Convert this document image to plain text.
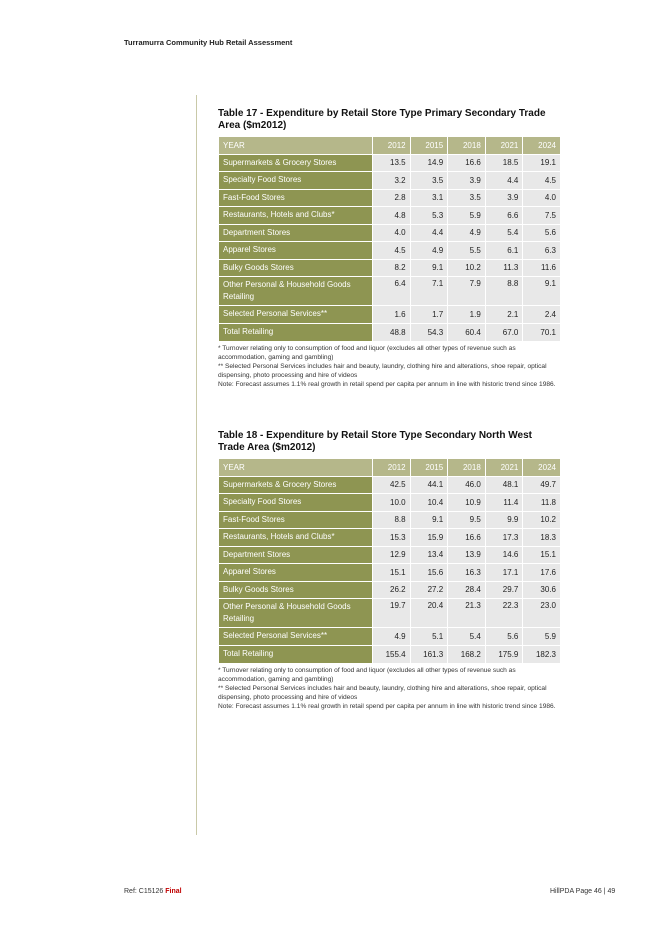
Turramurra Community Hub Retail Assessment
Table 17 - Expenditure by Retail Store Type Primary Secondary Trade Area ($m2012)
YEAR	2012	2015	2018	2021	2024
Supermarkets & Grocery Stores	13.5	14.9	16.6	18.5	19.1
Specialty Food Stores	3.2	3.5	3.9	4.4	4.5
Fast-Food Stores	2.8	3.1	3.5	3.9	4.0
Restaurants, Hotels and Clubs*	4.8	5.3	5.9	6.6	7.5
Department Stores	4.0	4.4	4.9	5.4	5.6
Apparel Stores	4.5	4.9	5.5	6.1	6.3
Bulky Goods Stores	8.2	9.1	10.2	11.3	11.6
Other Personal & Household Goods Retailing	6.4	7.1	7.9	8.8	9.1
Selected Personal Services**	1.6	1.7	1.9	2.1	2.4
Total Retailing	48.8	54.3	60.4	67.0	70.1
* Turnover relating only to consumption of food and liquor (excludes all other types of revenue such as accommodation, gaming and gambling)
** Selected Personal Services includes hair and beauty, laundry, clothing hire and alterations, shoe repair, optical dispensing, photo processing and hire of videos
Note: Forecast assumes 1.1% real growth in retail spend per capita per annum in line with historic trend since 1986.
Table 18 - Expenditure by Retail Store Type Secondary North West Trade Area ($m2012)
YEAR	2012	2015	2018	2021	2024
Supermarkets & Grocery Stores	42.5	44.1	46.0	48.1	49.7
Specialty Food Stores	10.0	10.4	10.9	11.4	11.8
Fast-Food Stores	8.8	9.1	9.5	9.9	10.2
Restaurants, Hotels and Clubs*	15.3	15.9	16.6	17.3	18.3
Department Stores	12.9	13.4	13.9	14.6	15.1
Apparel Stores	15.1	15.6	16.3	17.1	17.6
Bulky Goods Stores	26.2	27.2	28.4	29.7	30.6
Other Personal & Household Goods Retailing	19.7	20.4	21.3	22.3	23.0
Selected Personal Services**	4.9	5.1	5.4	5.6	5.9
Total Retailing	155.4	161.3	168.2	175.9	182.3
* Turnover relating only to consumption of food and liquor (excludes all other types of revenue such as accommodation, gaming and gambling)
** Selected Personal Services includes hair and beauty, laundry, clothing hire and alterations, shoe repair, optical dispensing, photo processing and hire of videos
Note: Forecast assumes 1.1% real growth in retail spend per capita per annum in line with historic trend since 1986.
Ref: C15126 Final	HillPDA Page 46 | 49
